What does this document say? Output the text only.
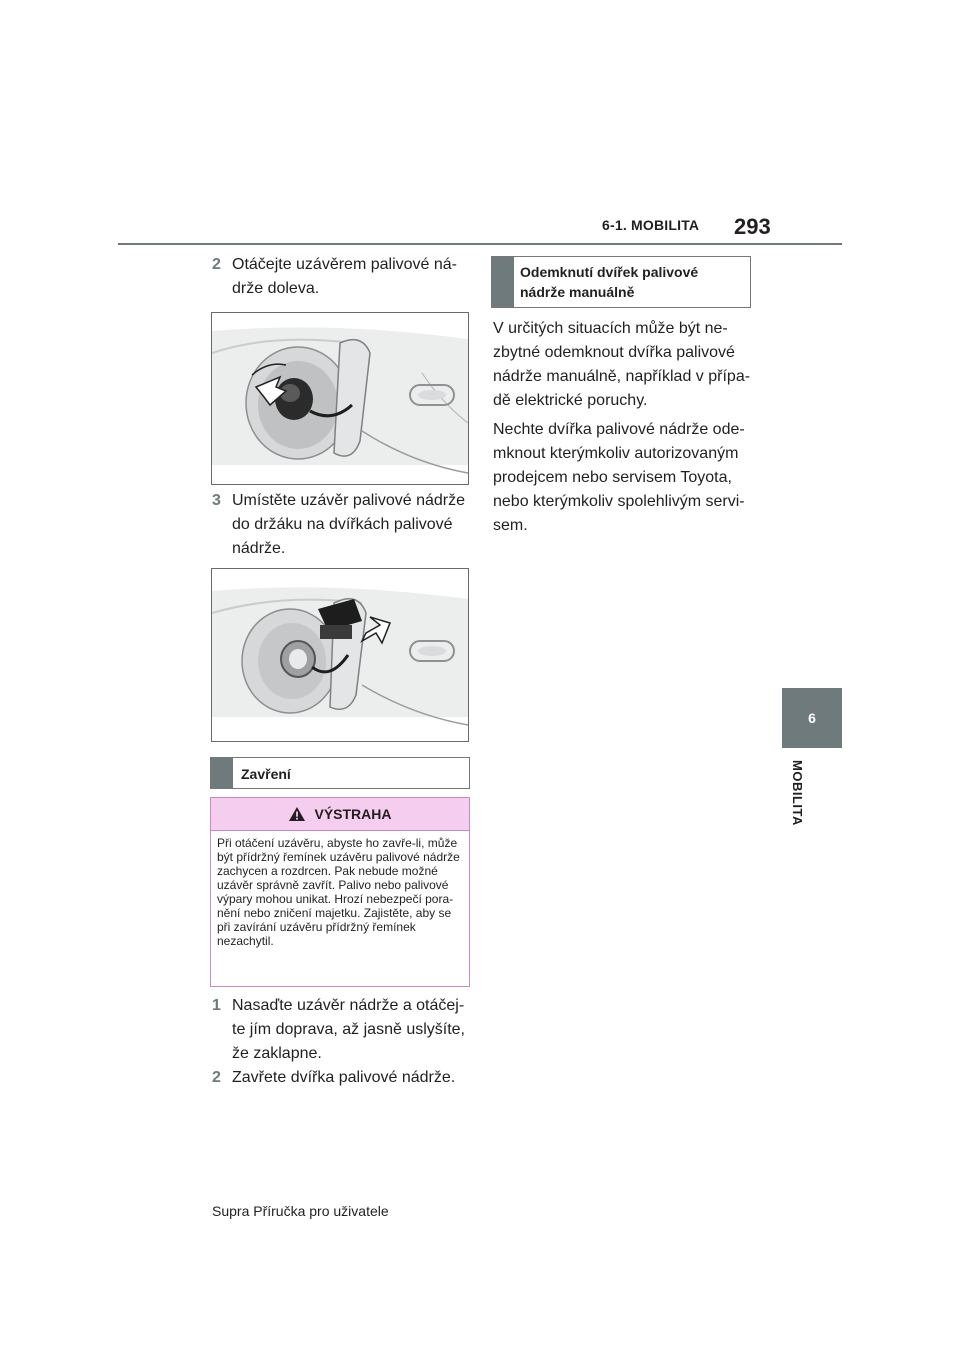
6-1. MOBILITA 293
6
MOBILITA
2 Otáčejte uzávěrem palivové ná-drže doleva.
3 Umístěte uzávěr palivové nádrže do držáku na dvířkách palivové nádrže.
Zavření
VÝSTRAHA
Při otáčení uzávěru, abyste ho zavře-li, může být přídržný řemínek uzávěru palivové nádrže zachycen a rozdrcen. Pak nebude možné uzávěr správně zavřít. Palivo nebo palivové výpary mohou unikat. Hrozí nebezpečí pora-nění nebo zničení majetku. Zajistěte, aby se při zavírání uzávěru přídržný řemínek nezachytil.
1 Nasaďte uzávěr nádrže a otáčej-te jím doprava, až jasně uslyšíte, že zaklapne.
2 Zavřete dvířka palivové nádrže.
Odemknutí dvířek palivové nádrže manuálně
V určitých situacích může být ne-zbytné odemknout dvířka palivové nádrže manuálně, například v přípa-dě elektrické poruchy.
Nechte dvířka palivové nádrže ode-mknout kterýmkoliv autorizovaným prodejcem nebo servisem Toyota, nebo kterýmkoliv spolehlivým servi-sem.
Supra Příručka pro uživatele
